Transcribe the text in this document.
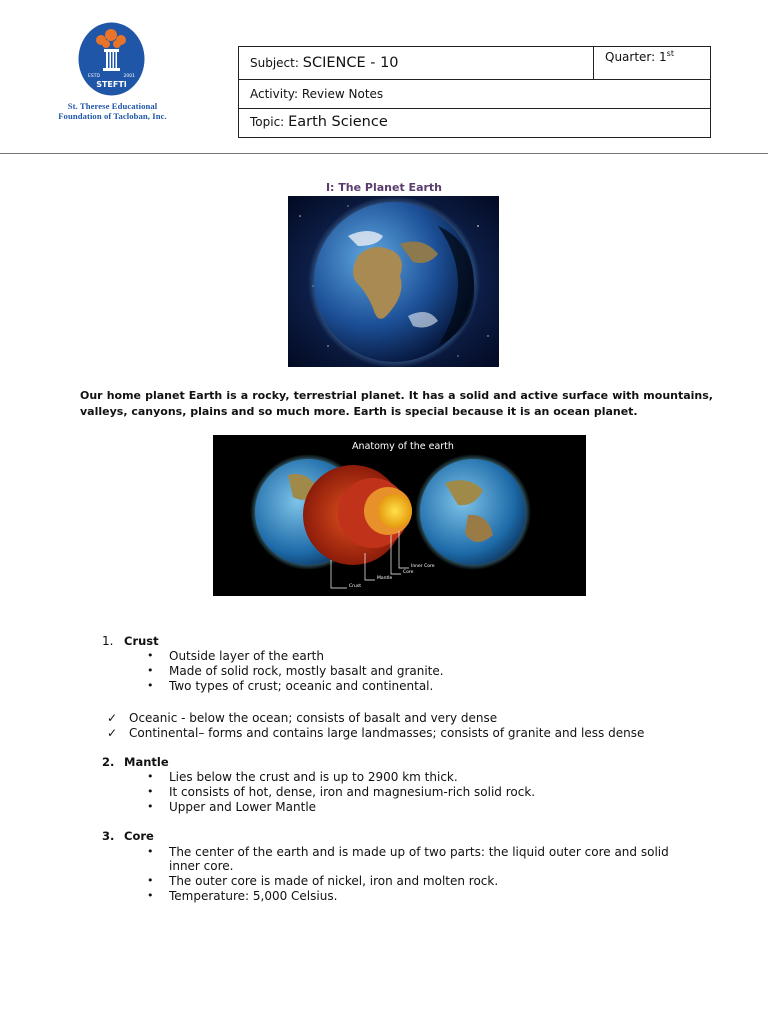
ESTD	2001
STEFTI
St. Therese Educational
Foundation of Tacloban, Inc.
Subject: SCIENCE - 10	Quarter: 1st
Activity: Review Notes
Topic: Earth Science
I: The Planet Earth
Our home planet Earth is a rocky, terrestrial planet. It has a solid and active surface with mountains, valleys, canyons, plains and so much more. Earth is special because it is an ocean planet.
Anatomy of the earth
Inner Core
Core
Mantle
Crust
1. Crust
• Outside layer of the earth
• Made of solid rock, mostly basalt and granite.
• Two types of crust; oceanic and continental.
✓ Oceanic - below the ocean; consists of basalt and very dense
✓ Continental– forms and contains large landmasses; consists of granite and less dense
2. Mantle
• Lies below the crust and is up to 2900 km thick.
• It consists of hot, dense, iron and magnesium-rich solid rock.
• Upper and Lower Mantle
3. Core
• The center of the earth and is made up of two parts: the liquid outer core and solid
inner core.
• The outer core is made of nickel, iron and molten rock.
• Temperature: 5,000 Celsius.
